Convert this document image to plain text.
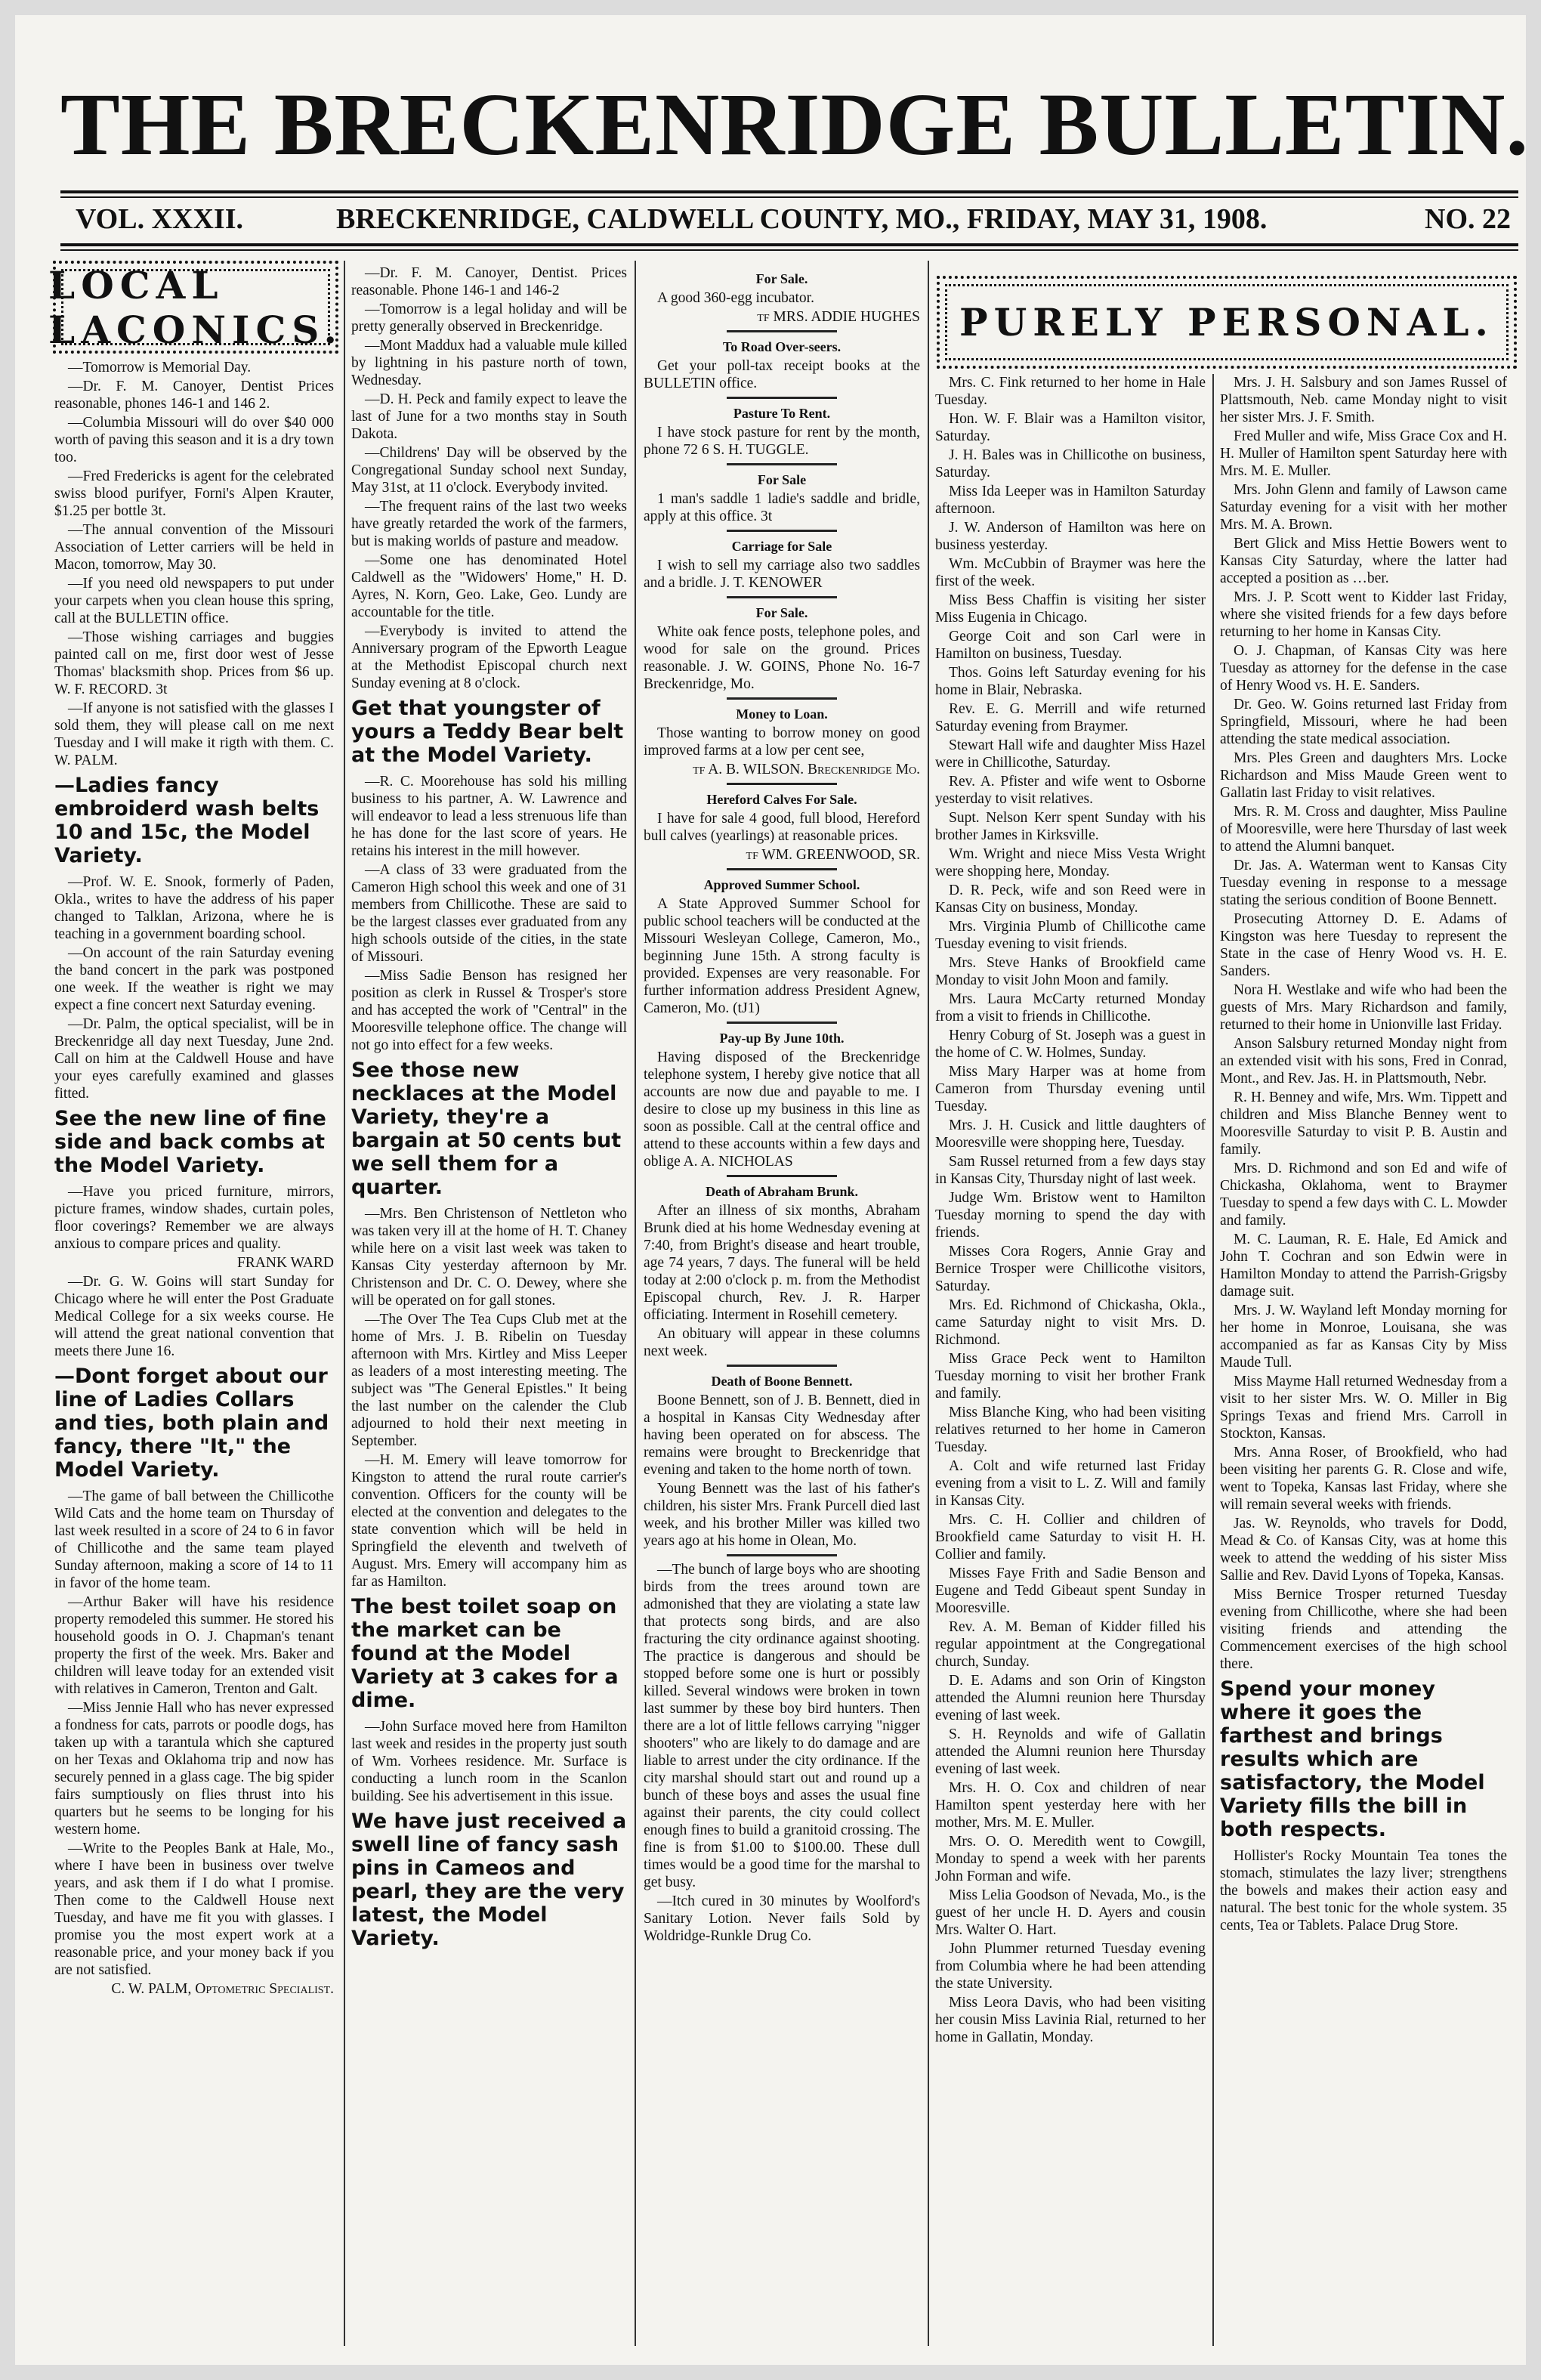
THE BRECKENRIDGE BULLETIN.
VOL. XXXII.	BRECKENRIDGE, CALDWELL COUNTY, MO., FRIDAY, MAY 31, 1908.	NO. 22
LOCAL LACONICS.	PURELY PERSONAL.

—Tomorrow is Memorial Day.

—Dr. F. M. Canoyer, Dentist Prices reasonable, phones 146-1 and 146 2.

—Columbia Missouri will do over $40 000 worth of paving this season and it is a dry town too.

—Fred Fredericks is agent for the celebrated swiss blood purifyer, Forni's Alpen Krauter, $1.25 per bottle 3t.

—The annual convention of the Missouri Association of Letter carriers will be held in Macon, tomorrow, May 30.

—If you need old newspapers to put under your carpets when you clean house this spring, call at the BULLETIN office.

—Those wishing carriages and buggies painted call on me, first door west of Jesse Thomas' blacksmith shop. Prices from $6 up. W. F. RECORD. 3t

—If anyone is not satisfied with the glasses I sold them, they will please call on me next Tuesday and I will make it rigth with them. C. W. PALM.

—Ladies fancy embroiderd wash belts 10 and 15c, the Model Variety.

—Prof. W. E. Snook, formerly of Paden, Okla., writes to have the address of his paper changed to Talklan, Arizona, where he is teaching in a government boarding school.

—On account of the rain Saturday evening the band concert in the park was postponed one week. If the weather is right we may expect a fine concert next Saturday evening.

—Dr. Palm, the optical specialist, will be in Breckenridge all day next Tuesday, June 2nd. Call on him at the Caldwell House and have your eyes carefully examined and glasses fitted.

See the new line of fine side and back combs at the Model Variety.

—Have you priced furniture, mirrors, picture frames, window shades, curtain poles, floor coverings? Remember we are always anxious to compare prices and quality.

FRANK WARD

—Dr. G. W. Goins will start Sunday for Chicago where he will enter the Post Graduate Medical College for a six weeks course. He will attend the great national convention that meets there June 16.

—Dont forget about our line of Ladies Collars and ties, both plain and fancy, there "It," the Model Variety.

—The game of ball between the Chillicothe Wild Cats and the home team on Thursday of last week resulted in a score of 24 to 6 in favor of Chillicothe and the same team played Sunday afternoon, making a score of 14 to 11 in favor of the home team.

—Arthur Baker will have his residence property remodeled this summer. He stored his household goods in O. J. Chapman's tenant property the first of the week. Mrs. Baker and children will leave today for an extended visit with relatives in Cameron, Trenton and Galt.

—Miss Jennie Hall who has never expressed a fondness for cats, parrots or poodle dogs, has taken up with a tarantula which she captured on her Texas and Oklahoma trip and now has securely penned in a glass cage. The big spider fairs sumptiously on flies thrust into his quarters but he seems to be longing for his western home.

—Write to the Peoples Bank at Hale, Mo., where I have been in business over twelve years, and ask them if I do what I promise. Then come to the Caldwell House next Tuesday, and have me fit you with glasses. I promise you the most expert work at a reasonable price, and your money back if you are not satisfied.

C. W. PALM, Optometric Specialist.

—Dr. F. M. Canoyer, Dentist. Prices reasonable. Phone 146-1 and 146-2

—Tomorrow is a legal holiday and will be pretty generally observed in Breckenridge.

—Mont Maddux had a valuable mule killed by lightning in his pasture north of town, Wednesday.

—D. H. Peck and family expect to leave the last of June for a two months stay in South Dakota.

—Childrens' Day will be observed by the Congregational Sunday school next Sunday, May 31st, at 11 o'clock. Everybody invited.

—The frequent rains of the last two weeks have greatly retarded the work of the farmers, but is making worlds of pasture and meadow.

—Some one has denominated Hotel Caldwell as the "Widowers' Home," H. D. Ayres, N. Korn, Geo. Lake, Geo. Lundy are accountable for the title.

—Everybody is invited to attend the Anniversary program of the Epworth League at the Methodist Episcopal church next Sunday evening at 8 o'clock.

Get that youngster of yours a Teddy Bear belt at the Model Variety.

—R. C. Moorehouse has sold his milling business to his partner, A. W. Lawrence and will endeavor to lead a less strenuous life than he has done for the last score of years. He retains his interest in the mill however.

—A class of 33 were graduated from the Cameron High school this week and one of 31 members from Chillicothe. These are said to be the largest classes ever graduated from any high schools outside of the cities, in the state of Missouri.

—Miss Sadie Benson has resigned her position as clerk in Russel & Trosper's store and has accepted the work of "Central" in the Mooresville telephone office. The change will not go into effect for a few weeks.

See those new necklaces at the Model Variety, they're a bargain at 50 cents but we sell them for a quarter.

—Mrs. Ben Christenson of Nettleton who was taken very ill at the home of H. T. Chaney while here on a visit last week was taken to Kansas City yesterday afternoon by Mr. Christenson and Dr. C. O. Dewey, where she will be operated on for gall stones.

—The Over The Tea Cups Club met at the home of Mrs. J. B. Ribelin on Tuesday afternoon with Mrs. Kirtley and Miss Leeper as leaders of a most interesting meeting. The subject was "The General Epistles." It being the last number on the calender the Club adjourned to hold their next meeting in September.

—H. M. Emery will leave tomorrow for Kingston to attend the rural route carrier's convention. Officers for the county will be elected at the convention and delegates to the state convention which will be held in Springfield the eleventh and twelveth of August. Mrs. Emery will accompany him as far as Hamilton.

The best toilet soap on the market can be found at the Model Variety at 3 cakes for a dime.

—John Surface moved here from Hamilton last week and resides in the property just south of Wm. Vorhees residence. Mr. Surface is conducting a lunch room in the Scanlon building. See his advertisement in this issue.

We have just received a swell line of fancy sash pins in Cameos and pearl, they are the very latest, the Model Variety.

For Sale.

A good 360-egg incubator.

tf MRS. ADDIE HUGHES

To Road Over-seers.

Get your poll-tax receipt books at the BULLETIN office.

Pasture To Rent.

I have stock pasture for rent by the month, phone 72 6 S. H. TUGGLE.

For Sale

1 man's saddle 1 ladie's saddle and bridle, apply at this office. 3t

Carriage for Sale

I wish to sell my carriage also two saddles and a bridle. J. T. KENOWER

For Sale.

White oak fence posts, telephone poles, and wood for sale on the ground. Prices reasonable. J. W. GOINS, Phone No. 16-7 Breckenridge, Mo.

Money to Loan.

Those wanting to borrow money on good improved farms at a low per cent see,

tf A. B. WILSON. Breckenridge Mo.

Hereford Calves For Sale.

I have for sale 4 good, full blood, Hereford bull calves (yearlings) at reasonable prices.

tf WM. GREENWOOD, SR.

Approved Summer School.

A State Approved Summer School for public school teachers will be conducted at the Missouri Wesleyan College, Cameron, Mo., beginning June 15th. A strong faculty is provided. Expenses are very reasonable. For further information address President Agnew, Cameron, Mo. (tJ1)

Pay-up By June 10th.

Having disposed of the Breckenridge telephone system, I hereby give notice that all accounts are now due and payable to me. I desire to close up my business in this line as soon as possible. Call at the central office and attend to these accounts within a few days and oblige A. A. NICHOLAS

Death of Abraham Brunk.

After an illness of six months, Abraham Brunk died at his home Wednesday evening at 7:40, from Bright's disease and heart trouble, age 74 years, 7 days. The funeral will be held today at 2:00 o'clock p. m. from the Methodist Episcopal church, Rev. J. R. Harper officiating. Interment in Rosehill cemetery.

An obituary will appear in these columns next week.

Death of Boone Bennett.

Boone Bennett, son of J. B. Bennett, died in a hospital in Kansas City Wednesday after having been operated on for abscess. The remains were brought to Breckenridge that evening and taken to the home north of town.

Young Bennett was the last of his father's children, his sister Mrs. Frank Purcell died last week, and his brother Miller was killed two years ago at his home in Olean, Mo.

—The bunch of large boys who are shooting birds from the trees around town are admonished that they are violating a state law that protects song birds, and are also fracturing the city ordinance against shooting. The practice is dangerous and should be stopped before some one is hurt or possibly killed. Several windows were broken in town last summer by these boy bird hunters. Then there are a lot of little fellows carrying "nigger shooters" who are likely to do damage and are liable to arrest under the city ordinance. If the city marshal should start out and round up a bunch of these boys and asses the usual fine against their parents, the city could collect enough fines to build a granitoid crossing. The fine is from $1.00 to $100.00. These dull times would be a good time for the marshal to get busy.

—Itch cured in 30 minutes by Woolford's Sanitary Lotion. Never fails Sold by Woldridge-Runkle Drug Co.

Mrs. C. Fink returned to her home in Hale Tuesday.

Hon. W. F. Blair was a Hamilton visitor, Saturday.

J. H. Bales was in Chillicothe on business, Saturday.

Miss Ida Leeper was in Hamilton Saturday afternoon.

J. W. Anderson of Hamilton was here on business yesterday.

Wm. McCubbin of Braymer was here the first of the week.

Miss Bess Chaffin is visiting her sister Miss Eugenia in Chicago.

George Coit and son Carl were in Hamilton on business, Tuesday.

Thos. Goins left Saturday evening for his home in Blair, Nebraska.

Rev. E. G. Merrill and wife returned Saturday evening from Braymer.

Stewart Hall wife and daughter Miss Hazel were in Chillicothe, Saturday.

Rev. A. Pfister and wife went to Osborne yesterday to visit relatives.

Supt. Nelson Kerr spent Sunday with his brother James in Kirksville.

Wm. Wright and niece Miss Vesta Wright were shopping here, Monday.

D. R. Peck, wife and son Reed were in Kansas City on business, Monday.

Mrs. Virginia Plumb of Chillicothe came Tuesday evening to visit friends.

Mrs. Steve Hanks of Brookfield came Monday to visit John Moon and family.

Mrs. Laura McCarty returned Monday from a visit to friends in Chillicothe.

Henry Coburg of St. Joseph was a guest in the home of C. W. Holmes, Sunday.

Miss Mary Harper was at home from Cameron from Thursday evening until Tuesday.

Mrs. J. H. Cusick and little daughters of Mooresville were shopping here, Tuesday.

Sam Russel returned from a few days stay in Kansas City, Thursday night of last week.

Judge Wm. Bristow went to Hamilton Tuesday morning to spend the day with friends.

Misses Cora Rogers, Annie Gray and Bernice Trosper were Chillicothe visitors, Saturday.

Mrs. Ed. Richmond of Chickasha, Okla., came Saturday night to visit Mrs. D. Richmond.

Miss Grace Peck went to Hamilton Tuesday morning to visit her brother Frank and family.

Miss Blanche King, who had been visiting relatives returned to her home in Cameron Tuesday.

A. Colt and wife returned last Friday evening from a visit to L. Z. Will and family in Kansas City.

Mrs. C. H. Collier and children of Brookfield came Saturday to visit H. H. Collier and family.

Misses Faye Frith and Sadie Benson and Eugene and Tedd Gibeaut spent Sunday in Mooresville.

Rev. A. M. Beman of Kidder filled his regular appointment at the Congregational church, Sunday.

D. E. Adams and son Orin of Kingston attended the Alumni reunion here Thursday evening of last week.

S. H. Reynolds and wife of Gallatin attended the Alumni reunion here Thursday evening of last week.

Mrs. H. O. Cox and children of near Hamilton spent yesterday here with her mother, Mrs. M. E. Muller.

Mrs. O. O. Meredith went to Cowgill, Monday to spend a week with her parents John Forman and wife.

Miss Lelia Goodson of Nevada, Mo., is the guest of her uncle H. D. Ayers and cousin Mrs. Walter O. Hart.

John Plummer returned Tuesday evening from Columbia where he had been attending the state University.

Miss Leora Davis, who had been visiting her cousin Miss Lavinia Rial, returned to her home in Gallatin, Monday.

Mrs. J. H. Salsbury and son James Russel of Plattsmouth, Neb. came Monday night to visit her sister Mrs. J. F. Smith.

Fred Muller and wife, Miss Grace Cox and H. H. Muller of Hamilton spent Saturday here with Mrs. M. E. Muller.

Mrs. John Glenn and family of Lawson came Saturday evening for a visit with her mother Mrs. M. A. Brown.

Bert Glick and Miss Hettie Bowers went to Kansas City Saturday, where the latter had accepted a position as …ber.

Mrs. J. P. Scott went to Kidder last Friday, where she visited friends for a few days before returning to her home in Kansas City.

O. J. Chapman, of Kansas City was here Tuesday as attorney for the defense in the case of Henry Wood vs. H. E. Sanders.

Dr. Geo. W. Goins returned last Friday from Springfield, Missouri, where he had been attending the state medical association.

Mrs. Ples Green and daughters Mrs. Locke Richardson and Miss Maude Green went to Gallatin last Friday to visit relatives.

Mrs. R. M. Cross and daughter, Miss Pauline of Mooresville, were here Thursday of last week to attend the Alumni banquet.

Dr. Jas. A. Waterman went to Kansas City Tuesday evening in response to a message stating the serious condition of Boone Bennett.

Prosecuting Attorney D. E. Adams of Kingston was here Tuesday to represent the State in the case of Henry Wood vs. H. E. Sanders.

Nora H. Westlake and wife who had been the guests of Mrs. Mary Richardson and family, returned to their home in Unionville last Friday.

Anson Salsbury returned Monday night from an extended visit with his sons, Fred in Conrad, Mont., and Rev. Jas. H. in Plattsmouth, Nebr.

R. H. Benney and wife, Mrs. Wm. Tippett and children and Miss Blanche Benney went to Mooresville Saturday to visit P. B. Austin and family.

Mrs. D. Richmond and son Ed and wife of Chickasha, Oklahoma, went to Braymer Tuesday to spend a few days with C. L. Mowder and family.

M. C. Lauman, R. E. Hale, Ed Amick and John T. Cochran and son Edwin were in Hamilton Monday to attend the Parrish-Grigsby damage suit.

Mrs. J. W. Wayland left Monday morning for her home in Monroe, Louisana, she was accompanied as far as Kansas City by Miss Maude Tull.

Miss Mayme Hall returned Wednesday from a visit to her sister Mrs. W. O. Miller in Big Springs Texas and friend Mrs. Carroll in Stockton, Kansas.

Mrs. Anna Roser, of Brookfield, who had been visiting her parents G. R. Close and wife, went to Topeka, Kansas last Friday, where she will remain several weeks with friends.

Jas. W. Reynolds, who travels for Dodd, Mead & Co. of Kansas City, was at home this week to attend the wedding of his sister Miss Sallie and Rev. David Lyons of Topeka, Kansas.

Miss Bernice Trosper returned Tuesday evening from Chillicothe, where she had been visiting friends and attending the Commencement exercises of the high school there.

Spend your money where it goes the farthest and brings results which are satisfactory, the Model Variety fills the bill in both respects.

Hollister's Rocky Mountain Tea tones the stomach, stimulates the lazy liver; strengthens the bowels and makes their action easy and natural. The best tonic for the whole system. 35 cents, Tea or Tablets. Palace Drug Store.
